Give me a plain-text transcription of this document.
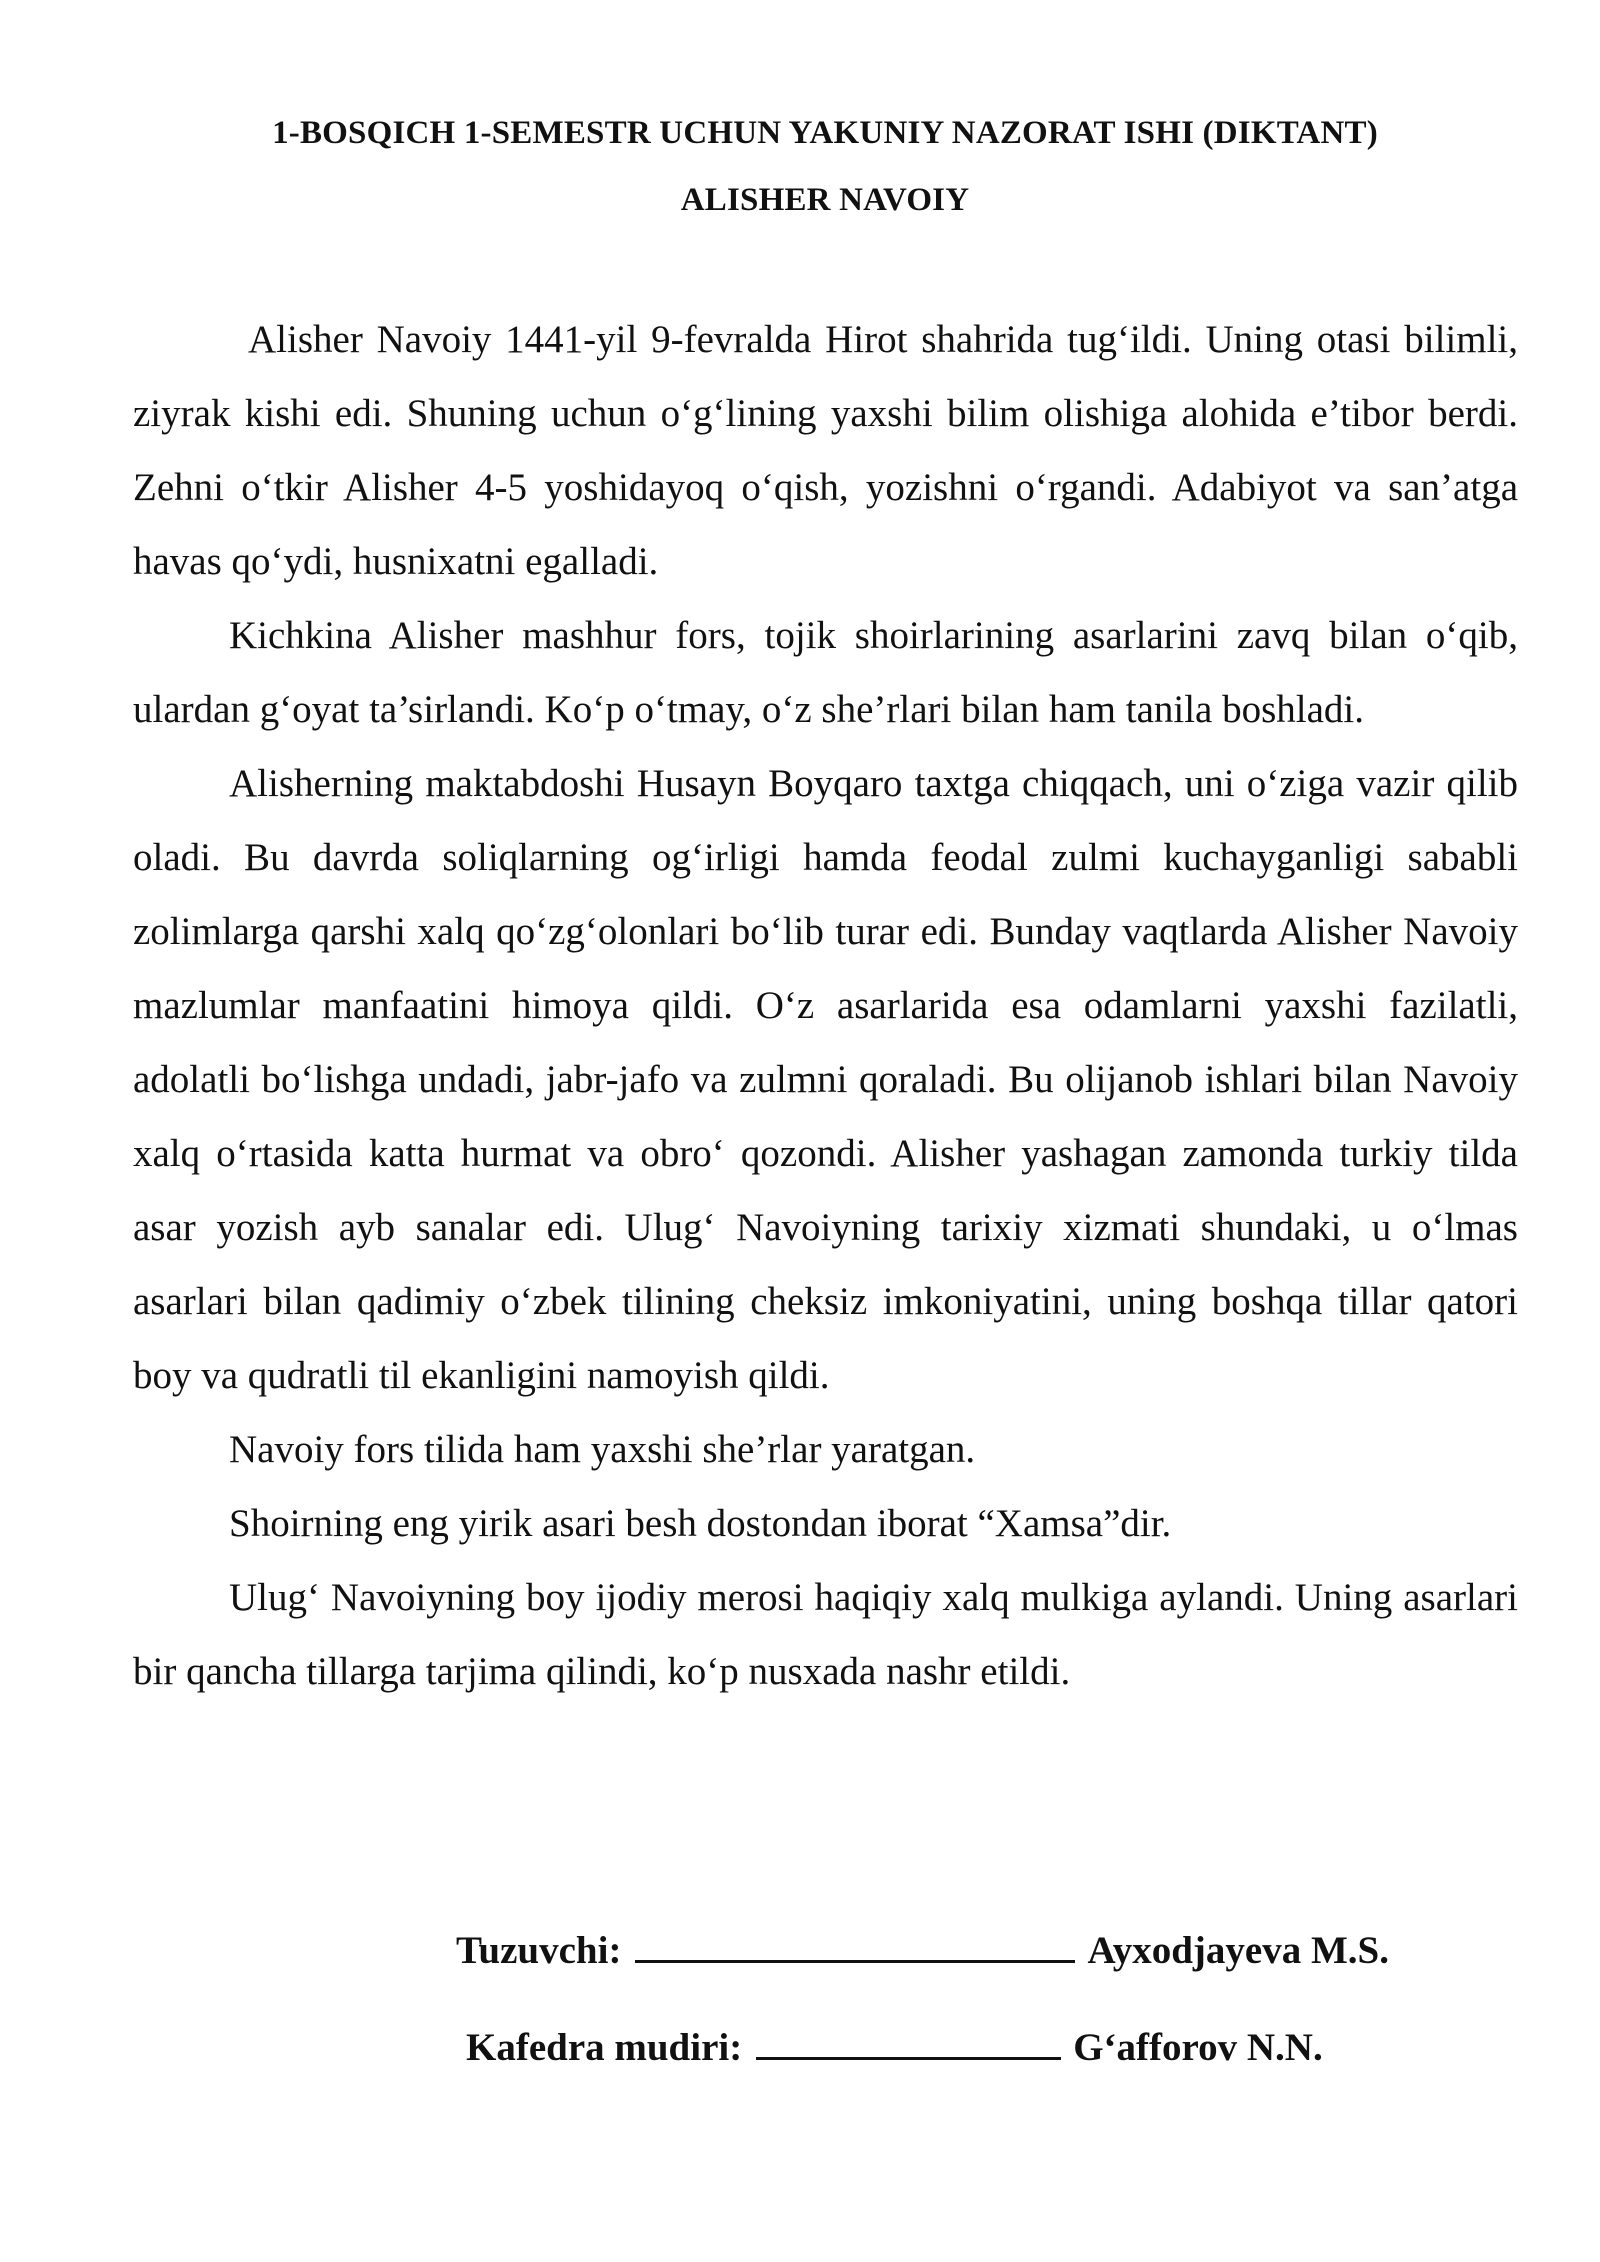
1-BOSQICH 1-SEMESTR UCHUN YAKUNIY NAZORAT ISHI (DIKTANT)
ALISHER NAVOIY

Alisher Navoiy 1441-yil 9-fevralda Hirot shahrida tug‘ildi. Uning otasi bilimli, ziyrak kishi edi. Shuning uchun o‘g‘lining yaxshi bilim olishiga alohida e’tibor berdi. Zehni o‘tkir Alisher 4-5 yoshidayoq o‘qish, yozishni o‘rgandi. Adabiyot va san’atga havas qo‘ydi, husnixatni egalladi.

Kichkina Alisher mashhur fors, tojik shoirlarining asarlarini zavq bilan o‘qib, ulardan g‘oyat ta’sirlandi. Ko‘p o‘tmay, o‘z she’rlari bilan ham tanila boshladi.

Alisherning maktabdoshi Husayn Boyqaro taxtga chiqqach, uni o‘ziga vazir qilib oladi. Bu davrda soliqlarning og‘irligi hamda feodal zulmi kuchayganligi sababli zolimlarga qarshi xalq qo‘zg‘olonlari bo‘lib turar edi. Bunday vaqtlarda Alisher Navoiy mazlumlar manfaatini himoya qildi. O‘z asarlarida esa odamlarni yaxshi fazilatli, adolatli bo‘lishga undadi, jabr-jafo va zulmni qoraladi. Bu olijanob ishlari bilan Navoiy xalq o‘rtasida katta hurmat va obro‘ qozondi. Alisher yashagan zamonda turkiy tilda asar yozish ayb sanalar edi. Ulug‘ Navoiyning tarixiy xizmati shundaki, u o‘lmas asarlari bilan qadimiy o‘zbek tilining cheksiz imkoniyatini, uning boshqa tillar qatori boy va qudratli til ekanligini namoyish qildi.

Navoiy fors tilida ham yaxshi she’rlar yaratgan.

Shoirning eng yirik asari besh dostondan iborat “Xamsa”dir.

Ulug‘ Navoiyning boy ijodiy merosi haqiqiy xalq mulkiga aylandi. Uning asarlari bir qancha tillarga tarjima qilindi, ko‘p nusxada nashr etildi.

Tuzuvchi:	Ayxodjayeva M.S.
Kafedra mudiri:	G‘afforov N.N.
